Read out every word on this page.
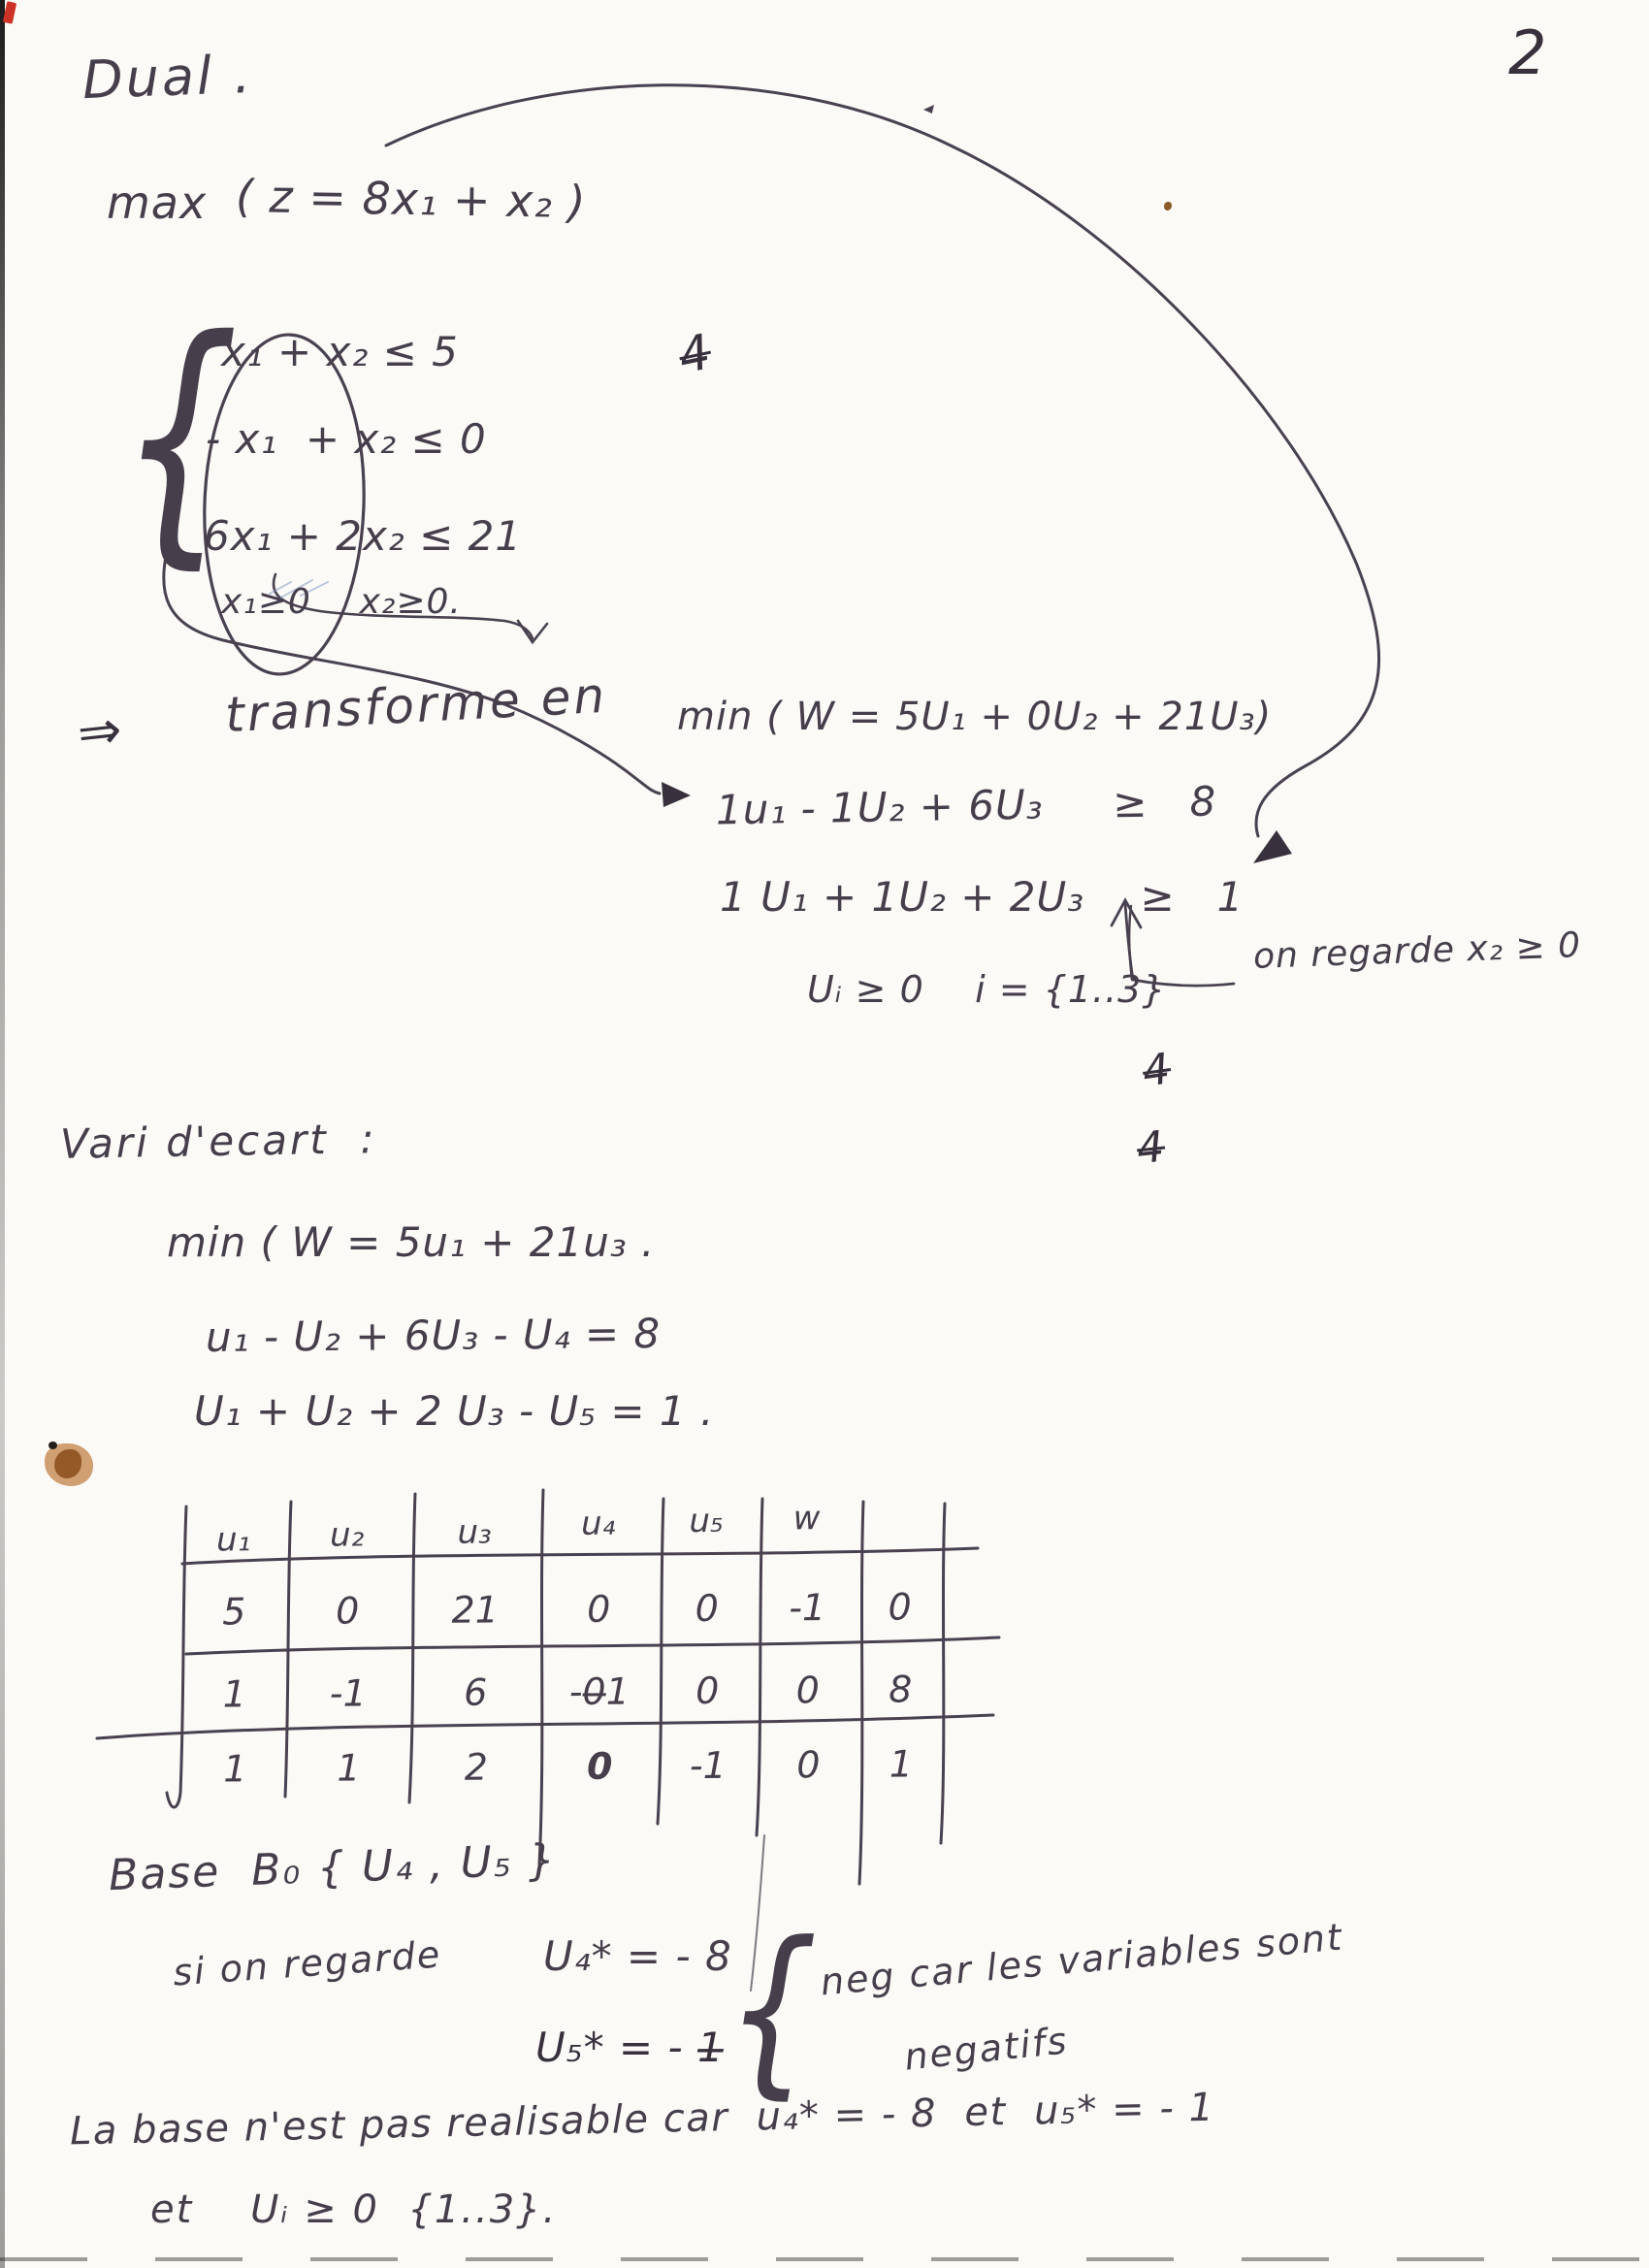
2
Dual .
max ( z = 8x₁ + x₂ )
{
x₁ + x₂ ≤ 5
- x₁  + x₂ ≤ 0
6x₁ + 2x₂ ≤ 21
x₁≥0    x₂≥0.
4
⇒ transforme en min ( W = 5U₁ + 0U₂ + 21U₃)
1u₁ - 1U₂ + 6U₃     ≥   8
1 U₁ + 1U₂ + 2U₃    ≥   1
Uᵢ ≥ 0    i = {1..3}
on regarde x₂ ≥ 0
4
4
Vari d'ecart  :
min ( W = 5u₁ + 21u₃ .
u₁ - U₂ + 6U₃ - U₄ = 8
U₁ + U₂ + 2 U₃ - U₅ = 1 .
u₁	u₂	u₃	u₄	u₅	w
5	0	21	0	0	-1	0
1	-1	6	-0̶1	0	0	8
1	1	2	0	-1	0	1
Base  B₀ { U₄ , U₅ }
si on regarde U₄* = - 8
U₅* = - 1̶ { neg car les variables sont
negatifs
La base n'est pas realisable car  u₄* = - 8  et  u₅* = - 1
et    Uᵢ ≥ 0  {1..3}.
